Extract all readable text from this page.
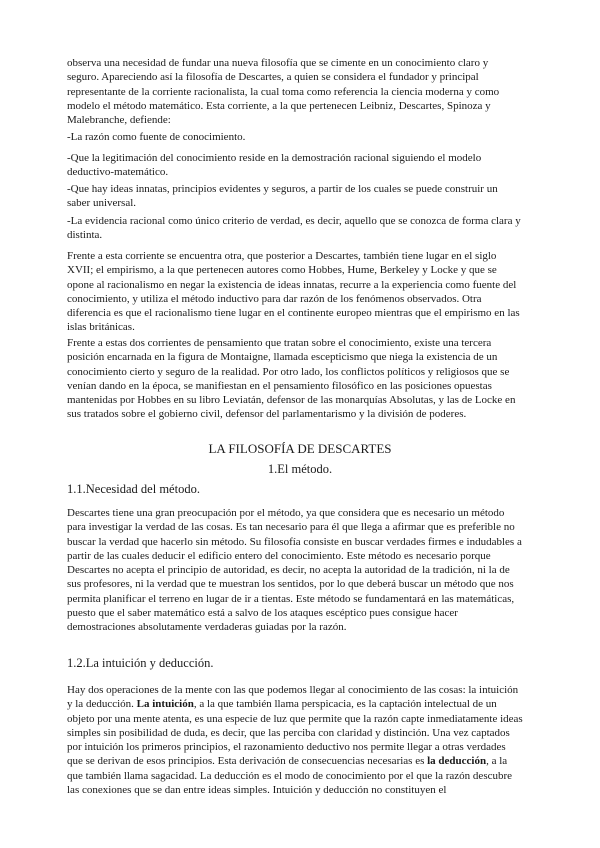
observa una necesidad de fundar una nueva filosofía que se cimente en un conocimiento claro y seguro. Apareciendo así la filosofía de Descartes, a quien se considera el fundador y principal representante de la corriente racionalista, la cual toma como referencia la ciencia moderna y como modelo el método matemático. Esta corriente, a la que pertenecen Leibniz, Descartes, Spinoza y Malebranche, defiende:

-La razón como fuente de conocimiento.

-Que la legitimación del conocimiento reside en la demostración racional siguiendo el modelo deductivo-matemático.

-Que hay ideas innatas, principios evidentes y seguros, a partir de los cuales se puede construir un saber universal.

-La evidencia racional como único criterio de verdad, es decir, aquello que se conozca de forma clara y distinta.

Frente a esta corriente se encuentra otra, que posterior a Descartes, también tiene lugar en el siglo XVII; el empirismo, a la que pertenecen autores como Hobbes, Hume, Berkeley y Locke y que se opone al racionalismo en negar la existencia de ideas innatas, recurre a la experiencia como fuente del conocimiento, y utiliza el método inductivo para dar razón de los fenómenos observados. Otra diferencia es que el racionalismo tiene lugar en el continente europeo mientras que el empirismo en las islas británicas.

Frente a estas dos corrientes de pensamiento que tratan sobre el conocimiento, existe una tercera posición encarnada en la figura de Montaigne, llamada escepticismo que niega la existencia de un conocimiento cierto y seguro de la realidad. Por otro lado, los conflictos políticos y religiosos que se venían dando en la época, se manifiestan en el pensamiento filosófico en las posiciones opuestas mantenidas por Hobbes en su libro Leviatán, defensor de las monarquías Absolutas, y las de Locke en sus tratados sobre el gobierno civil, defensor del parlamentarismo y la división de poderes.

LA FILOSOFÍA DE DESCARTES
1.El método.
1.1.Necesidad del método.

Descartes tiene una gran preocupación por el método, ya que considera que es necesario un método para investigar la verdad de las cosas. Es tan necesario para él que llega a afirmar que es preferible no buscar la verdad que hacerlo sin método. Su filosofía consiste en buscar verdades firmes e indudables a partir de las cuales deducir el edificio entero del conocimiento. Este método es necesario porque Descartes no acepta el principio de autoridad, es decir, no acepta la autoridad de la tradición, ni la de sus profesores, ni la verdad que te muestran los sentidos, por lo que deberá buscar un método que nos permita planificar el terreno en lugar de ir a tientas. Este método se fundamentará en las matemáticas, puesto que el saber matemático está a salvo de los ataques escéptico pues consigue hacer demostraciones absolutamente verdaderas guiadas por la razón.

1.2.La intuición y deducción.

Hay dos operaciones de la mente con las que podemos llegar al conocimiento de las cosas: la intuición y la deducción. La intuición, a la que también llama perspicacia, es la captación intelectual de un objeto por una mente atenta, es una especie de luz que permite que la razón capte inmediatamente ideas simples sin posibilidad de duda, es decir, que las perciba con claridad y distinción. Una vez captados por intuición los primeros principios, el razonamiento deductivo nos permite llegar a otras verdades que se derivan de esos principios. Esta derivación de consecuencias necesarias es la deducción, a la que también llama sagacidad. La deducción es el modo de conocimiento por el que la razón descubre las conexiones que se dan entre ideas simples. Intuición y deducción no constituyen el
